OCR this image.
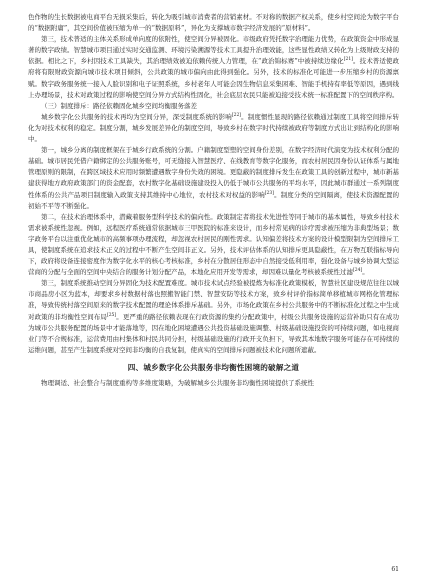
色作物的生长数据被电商平台无损采集后，转化为吸引城市消费者的营销素材。不对称的数据产权关系，使乡村空间沦为数字平台的“数据附庸”，其空间价值被压缩为单一的“数据原料”，异化为支撑城市数字经济发展的“原材料”。

第三，技术普适的主体关系形成单向度的依附性，使空间分异被固化。市级政府凭托数字治理能力优势，在政策资金中形成显著的数字政绩。智慧城市项目通过实时交通监测、环境污染溯源等技术工具提升治理效能，这些显性政绩又转化为上级财政支持的依据。相比之下，乡村因技术工具缺失，其治理绩效被迫依赖传统人力管理，在“政治锦标赛”中被持续边缘化[21]。技术普适使政府将有限财政资源向城市技术项目倾斜，公共政策的城市偏向由此得到强化。另外，技术的标准化可能进一步压缩乡村的资源禀赋。数字政务服务统一接入人脸识别和电子证照系统，乡村老年人可能会因生物信息采集困难、智能手机持有率低等原因，遇到线上办理场景，技术对政策过程的影响使空间分异方式结构性固化，社会底层农民只能被迫接受技术统一标准配置下的空间秩序构。

（三）制度排斥：路径依赖固化城乡空间均衡服务落差

城乡数字化公共服务的技术再均为空间分异，深受制度系统的影响[22]。制度惯性显现的路径依赖通过制度工具将空间排斥转化为对技术权利的稳定。制度分割，城乡发展差异化的制度空间，导致乡村在数字时代持续被政府等制度方式出让到结构化的影响中。

第一，城乡分离的制度框架在于城乡行政系统的分割。户籍制度型塑的空间身份差别，在数字经济时代演变为技术权利分配的基础。城市居民凭借户籍绑定的公共服务账号，可无缝接入智慧医疗、在线教育等数字化服务，而农村居民因身份认证体系与属地管理原则的限制，在跨区域技术应用时频繁遭遇数字身份失效的困境。更隐蔽的制度排斥发生在政策工具的创新过程中，城市新基建获得地方政府政策部门的资金配套，农村数字化基础设施建设投入仍低于城市公共服务的平均水平，因此城市群通过一系列制度性体系的公共产品项目制度输入政策支持其维持中心地位，农村技术对权益的影响[23]。制度分类的空间隔离，使技术资源配置的初始不平等不断强化。

第二，在技术治理体系中，潜藏着服务型科学技术的偏向性。政策制定者将技术先进性等同于城市的基本属性，导致乡村技术需求被系统性忽视。例如，远程医疗系统通常依据城市三甲医院的标准来设计，而乡村常见病的诊疗需求被压缩为非典型场景；数字政务平台以注重优化城市的高频事项办理流程，却忽视农村居民的刚性需求。认知偏差将技术方案的设计模型限制为空间排斥工具，使制度系统在追求技术正义的过程中不断产生空间非正义。另外，技术评估体系的认知排斥更具隐蔽性，在万物互联指标导向下，政府将设备连接密度作为数字化水平的核心考核标准，乡村在分散居住形态中自然接受低利用率，强化设备与城乡协调大型运营商的分配与全面的空间中央结合的服务计划分配产品，本地化应用开发等需求，却因难以量化考核被系统性过滤[24]。

第三，制度系统推动空间分异固化为技术配置难度。城市技术试点经验被提炼为标准化政策模板，智慧社区建设规范往往以城市商品房小区为蓝本，却要求乡村数据村落也照搬智能门禁、智慧安防等技术方案，致乡村评价指标简单移植城市网格化管理标准，导致传统村落空间原来的数字技术配置的理论体系排斥基础。另外，市场化政策在乡村公共服务中的不断标准化过程之中生成对政策的非均衡性空间布局[25]。更严重的路径依赖表现在行政资源的集约分配政策中，村级公共服务设施的运营补助只有在成功为城市公共服务配置的场景中才能落地等，因在地化困境遭遇公共投资基础设施调整、村级基础设施投资的可持续问题，如电视商业门等不合规标准，运营费用由村集体和村民共同分担，村级基础设施的行政开支负担下，导致其本地数字服务可能存在可持续的运维问题，甚至产生制度系统对空间非均衡的自我复制，使真实的空间排斥问题被技术化问题所遮蔽。

四、城乡数字化公共服务非均衡性困境的破解之道

物理调适、社会整合与制度重构等多维度策略，为破解城乡公共服务非均衡性困境提供了系统性

61
